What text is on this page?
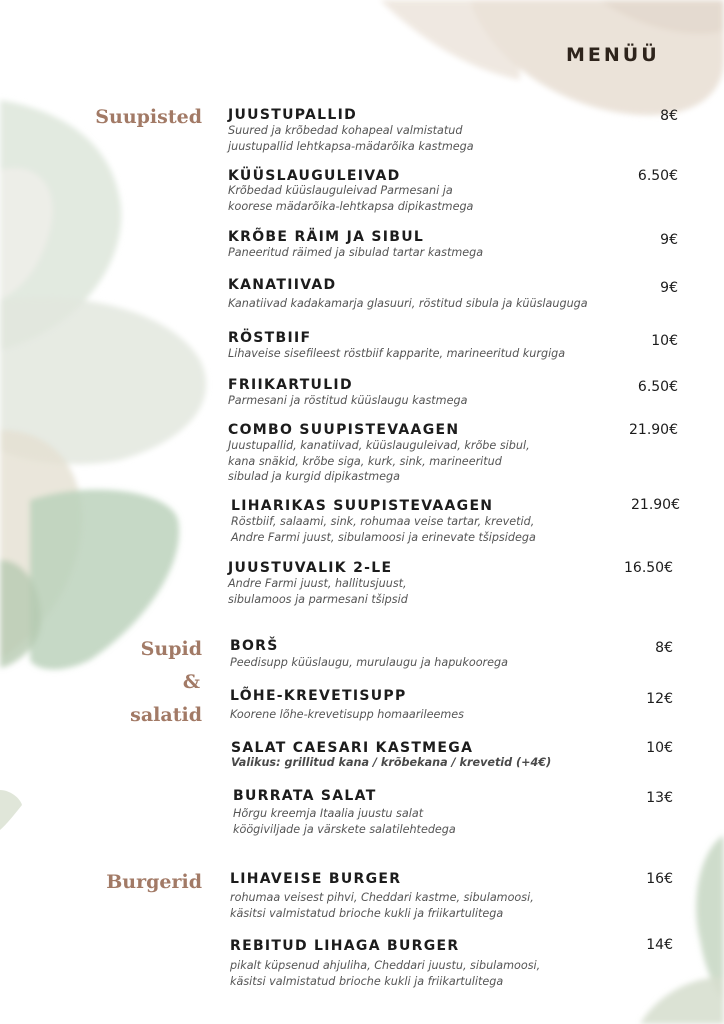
MENÜÜ
Suupisted
Supid
&
salatid
Burgerid
JUUSTUPALLID
Suured ja krõbedad kohapeal valmistatud
juustupallid lehtkapsa-mädarõika kastmega
8€
KÜÜSLAUGULEIVAD
Krõbedad küüslauguleivad Parmesani ja
koorese mädarõika-lehtkapsa dipikastmega
6.50€
KRÕBE RÄIM JA SIBUL
Paneeritud räimed ja sibulad tartar kastmega
9€
KANATIIVAD
Kanatiivad kadakamarja glasuuri, röstitud sibula ja küüslauguga
9€
RÖSTBIIF
Lihaveise sisefileest röstbiif kapparite, marineeritud kurgiga
10€
FRIIKARTULID
Parmesani ja röstitud küüslaugu kastmega
6.50€
COMBO SUUPISTEVAAGEN
Juustupallid, kanatiivad, küüslauguleivad, krõbe sibul,
kana snäkid, krõbe siga, kurk, sink, marineeritud
sibulad ja kurgid dipikastmega
21.90€
LIHARIKAS SUUPISTEVAAGEN
Röstbiif, salaami, sink, rohumaa veise tartar, krevetid,
Andre Farmi juust, sibulamoosi ja erinevate tšipsidega
21.90€
JUUSTUVALIK 2-LE
Andre Farmi juust, hallitusjuust,
sibulamoos ja parmesani tšipsid
16.50€
BORŠ
Peedisupp küüslaugu, murulaugu ja hapukoorega
8€
LÕHE-KREVETISUPP
Koorene lõhe-krevetisupp homaarileemes
12€
SALAT CAESARI KASTMEGA
Valikus: grillitud kana / krõbekana / krevetid (+4€)
10€
BURRATA SALAT
Hõrgu kreemja Itaalia juustu salat
köögiviljade ja värskete salatilehtedega
13€
LIHAVEISE BURGER
rohumaa veisest pihvi, Cheddari kastme, sibulamoosi,
käsitsi valmistatud brioche kukli ja friikartulitega
16€
REBITUD LIHAGA BURGER
pikalt küpsenud ahjuliha, Cheddari juustu, sibulamoosi,
käsitsi valmistatud brioche kukli ja friikartulitega
14€
